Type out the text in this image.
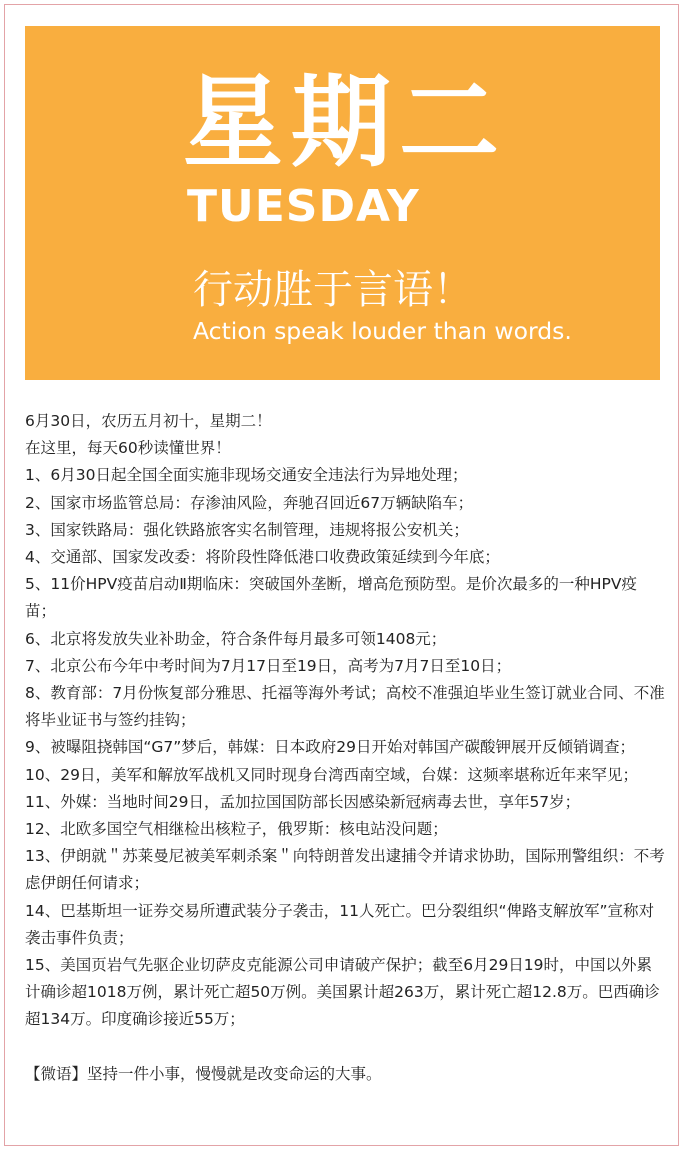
星期二
TUESDAY
行动胜于言语！
Action speak louder than words.

6月30日，农历五月初十，星期二！

在这里，每天60秒读懂世界！

1、6月30日起全国全面实施非现场交通安全违法行为异地处理；

2、国家市场监管总局：存渗油风险，奔驰召回近67万辆缺陷车；

3、国家铁路局：强化铁路旅客实名制管理，违规将报公安机关；

4、交通部、国家发改委：将阶段性降低港口收费政策延续到今年底；

5、11价HPV疫苗启动Ⅱ期临床：突破国外垄断，增高危预防型。是价次最多的一种HPV疫苗；

6、北京将发放失业补助金，符合条件每月最多可领1408元；

7、北京公布今年中考时间为7月17日至19日，高考为7月7日至10日；

8、教育部：7月份恢复部分雅思、托福等海外考试；高校不准强迫毕业生签订就业合同、不准将毕业证书与签约挂钩；

9、被曝阻挠韩国“G7”梦后，韩媒：日本政府29日开始对韩国产碳酸钾展开反倾销调查；

10、29日，美军和解放军战机又同时现身台湾西南空域，台媒：这频率堪称近年来罕见；

11、外媒：当地时间29日，孟加拉国国防部长因感染新冠病毒去世，享年57岁；

12、北欧多国空气相继检出核粒子，俄罗斯：核电站没问题；

13、伊朗就＂苏莱曼尼被美军刺杀案＂向特朗普发出逮捕令并请求协助，国际刑警组织：不考虑伊朗任何请求；

14、巴基斯坦一证券交易所遭武装分子袭击，11人死亡。巴分裂组织“俾路支解放军”宣称对袭击事件负责；

15、美国页岩气先驱企业切萨皮克能源公司申请破产保护；截至6月29日19时，中国以外累计确诊超1018万例，累计死亡超50万例。美国累计超263万，累计死亡超12.8万。巴西确诊超134万。印度确诊接近55万；

【微语】坚持一件小事，慢慢就是改变命运的大事。
